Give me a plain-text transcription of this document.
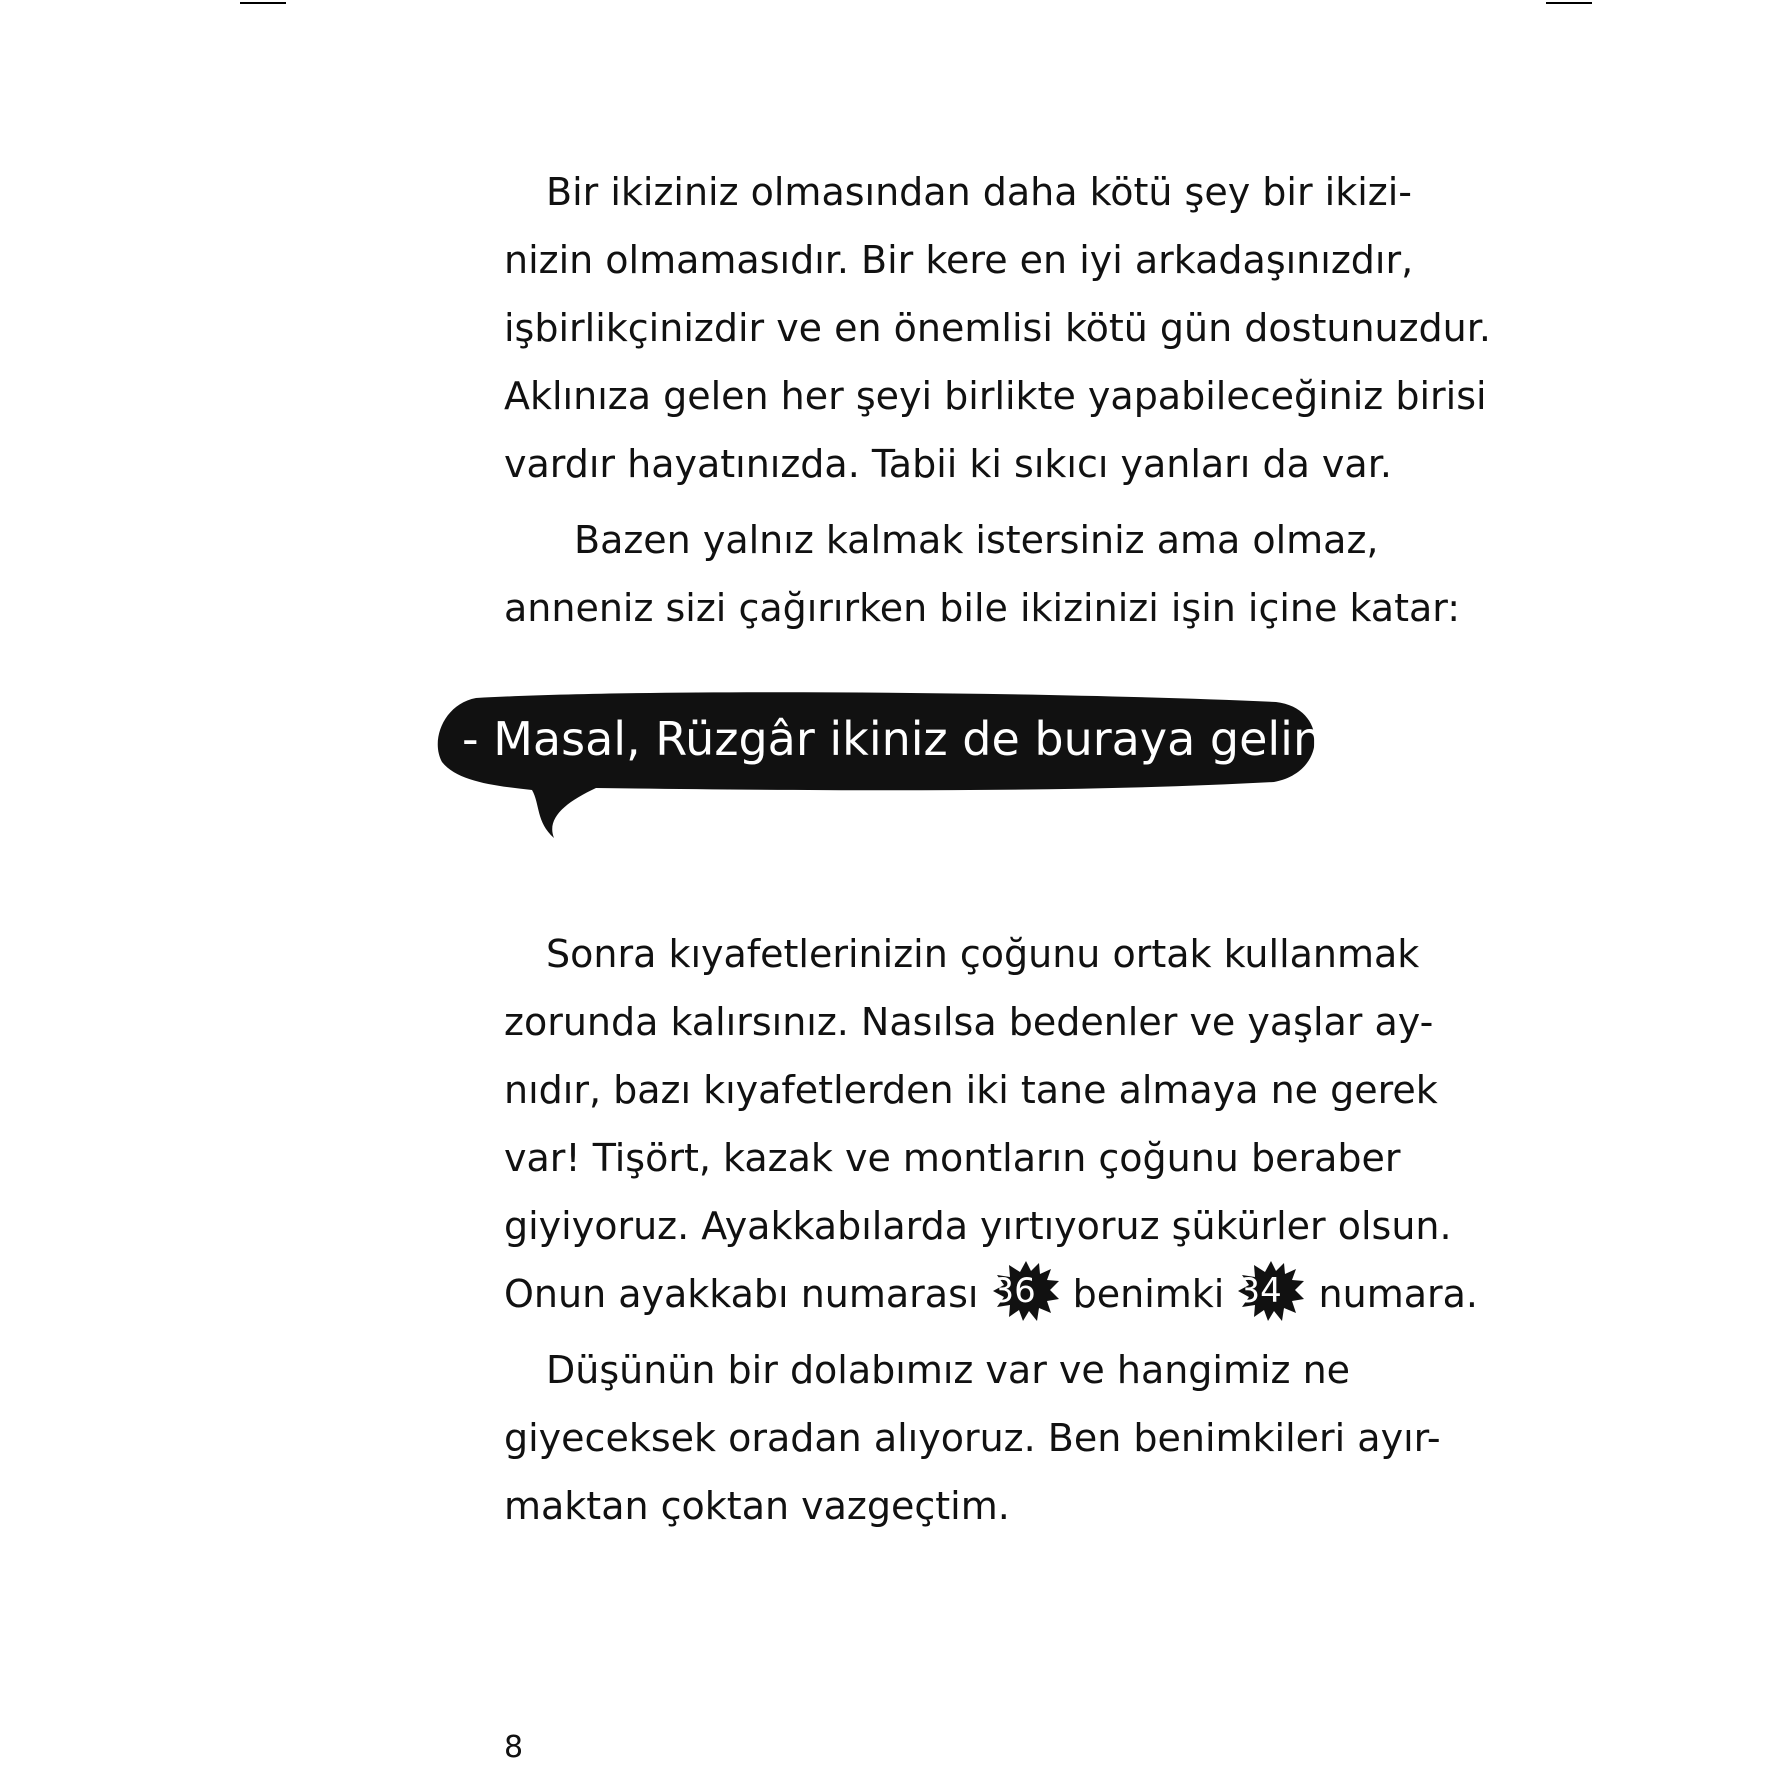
Bir ikiziniz olmasından daha kötü şey bir ikizi-
nizin olmamasıdır. Bir kere en iyi arkadaşınızdır,
işbirlikçinizdir ve en önemlisi kötü gün dostunuzdur.
Aklınıza gelen her şeyi birlikte yapabileceğiniz birisi
vardır hayatınızda. Tabii ki sıkıcı yanları da var.
Bazen yalnız kalmak istersiniz ama olmaz,
anneniz sizi çağırırken bile ikizinizi işin içine katar:
- Masal, Rüzgâr ikiniz de buraya gelin!
Sonra kıyafetlerinizin çoğunu ortak kullanmak
zorunda kalırsınız. Nasılsa bedenler ve yaşlar ay-
nıdır, bazı kıyafetlerden iki tane almaya ne gerek
var! Tişört, kazak ve montların çoğunu beraber
giyiyoruz. Ayakkabılarda yırtıyoruz şükürler olsun.
Onun ayakkabı numarası 36 benimki 34 numara.
Düşünün bir dolabımız var ve hangimiz ne
giyeceksek oradan alıyoruz. Ben benimkileri ayır-
maktan çoktan vazgeçtim.
8
